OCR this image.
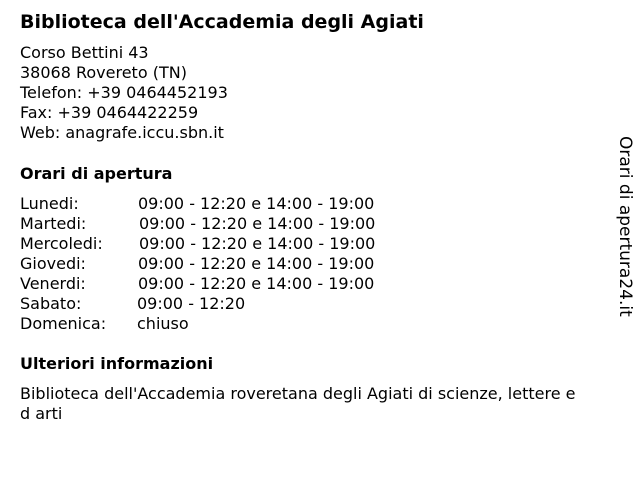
Biblioteca dell'Accademia degli Agiati
Corso Bettini 43
38068 Rovereto (TN)
Telefon: +39 0464452193
Fax: +39 0464422259
Web: anagrafe.iccu.sbn.it
Orari di apertura
Lunedi:	09:00 - 12:20 e 14:00 - 19:00
Martedi:	09:00 - 12:20 e 14:00 - 19:00
Mercoledi: 09:00 - 12:20 e 14:00 - 19:00
Giovedi:	09:00 - 12:20 e 14:00 - 19:00
Venerdi:	09:00 - 12:20 e 14:00 - 19:00
Sabato:	09:00 - 12:20
Domenica: chiuso
Ulteriori informazioni
Biblioteca dell'Accademia roveretana degli Agiati di scienze, lettere ed arti
Orari di apertura24.it
